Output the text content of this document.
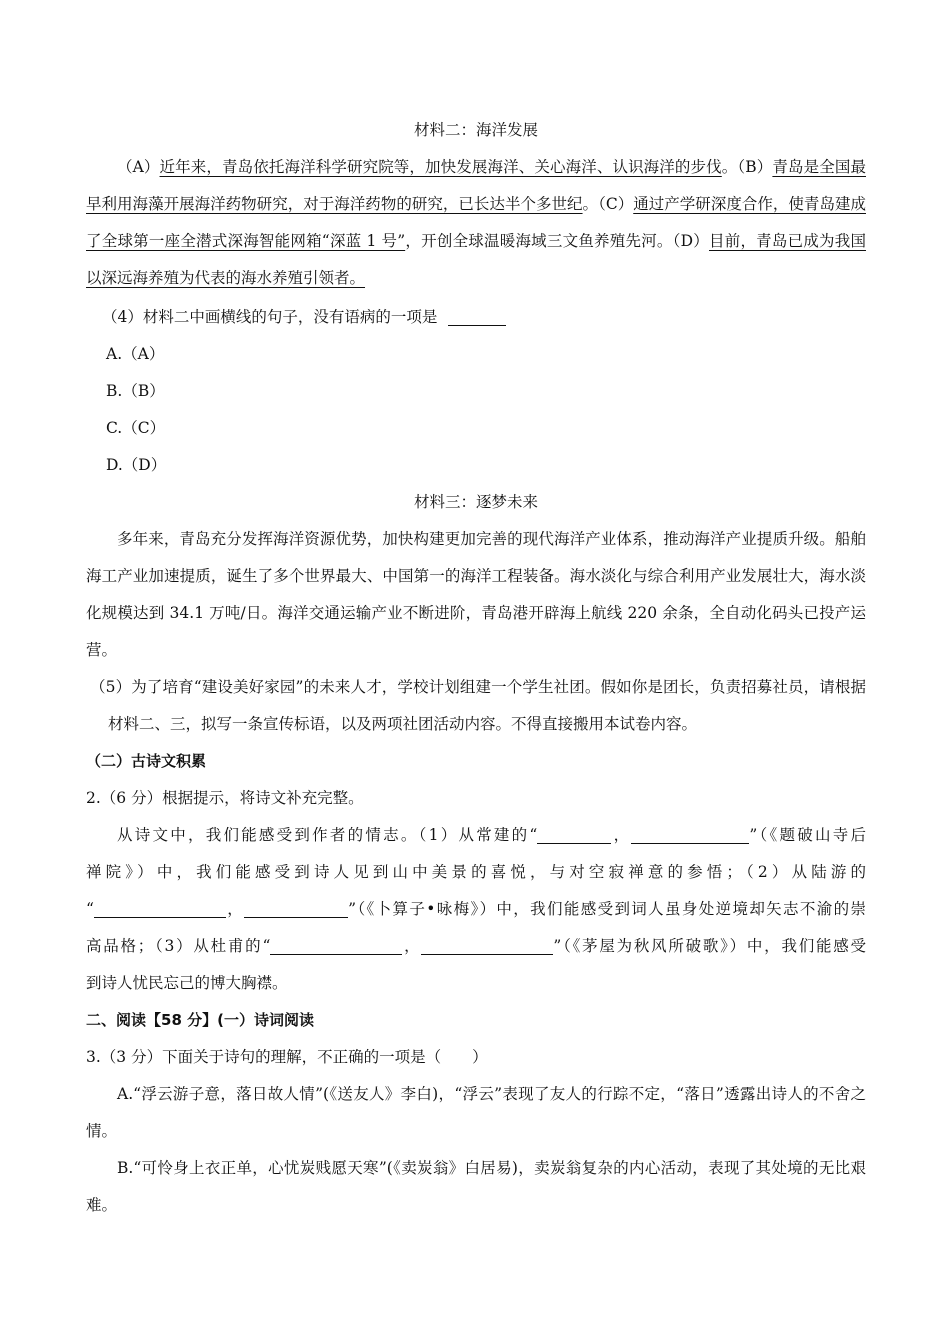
材料二：海洋发展

（A）近年来，青岛依托海洋科学研究院等，加快发展海洋、关心海洋、认识海洋的步伐。（B）青岛是全国最早利用海藻开展海洋药物研究，对于海洋药物的研究，已长达半个多世纪。（C）通过产学研深度合作，使青岛建成了全球第一座全潜式深海智能网箱“深蓝 1 号”，开创全球温暖海域三文鱼养殖先河。（D）目前，青岛已成为我国以深远海养殖为代表的海水养殖引领者。

（4）材料二中画横线的句子，没有语病的一项是

A.（A）

B.（B）

C.（C）

D.（D）

材料三：逐梦未来

多年来，青岛充分发挥海洋资源优势，加快构建更加完善的现代海洋产业体系，推动海洋产业提质升级。船舶海工产业加速提质，诞生了多个世界最大、中国第一的海洋工程装备。海水淡化与综合利用产业发展壮大，海水淡化规模达到 34.1 万吨/日。海洋交通运输产业不断进阶，青岛港开辟海上航线 220 余条，全自动化码头已投产运营。

（5）为了培育“建设美好家园”的未来人才，学校计划组建一个学生社团。假如你是团长，负责招募社员，请根据材料二、三，拟写一条宣传标语，以及两项社团活动内容。不得直接搬用本试卷内容。

（二）古诗文积累

2.（6 分）根据提示，将诗文补充完整。

从诗文中，我们能感受到作者的情志。（1）从常建的“	，	”（《题破山寺后

禅院》）中，我们能感受到诗人见到山中美景的喜悦，与对空寂禅意的参悟；（2）从陆游的

“	，	”（《卜算子•咏梅》）中，我们能感受到词人虽身处逆境却矢志不渝的崇

高品格；（3）从杜甫的“	，	”（《茅屋为秋风所破歌》）中，我们能感受

到诗人忧民忘己的博大胸襟。

二、阅读【58 分】(一）诗词阅读

3.（3 分）下面关于诗句的理解，不正确的一项是（　　）

A.“浮云游子意，落日故人情”(《送友人》李白)，“浮云”表现了友人的行踪不定，“落日”透露出诗人的不舍之情。

B.“可怜身上衣正单，心忧炭贱愿天寒”(《卖炭翁》白居易)，卖炭翁复杂的内心活动，表现了其处境的无比艰难。
